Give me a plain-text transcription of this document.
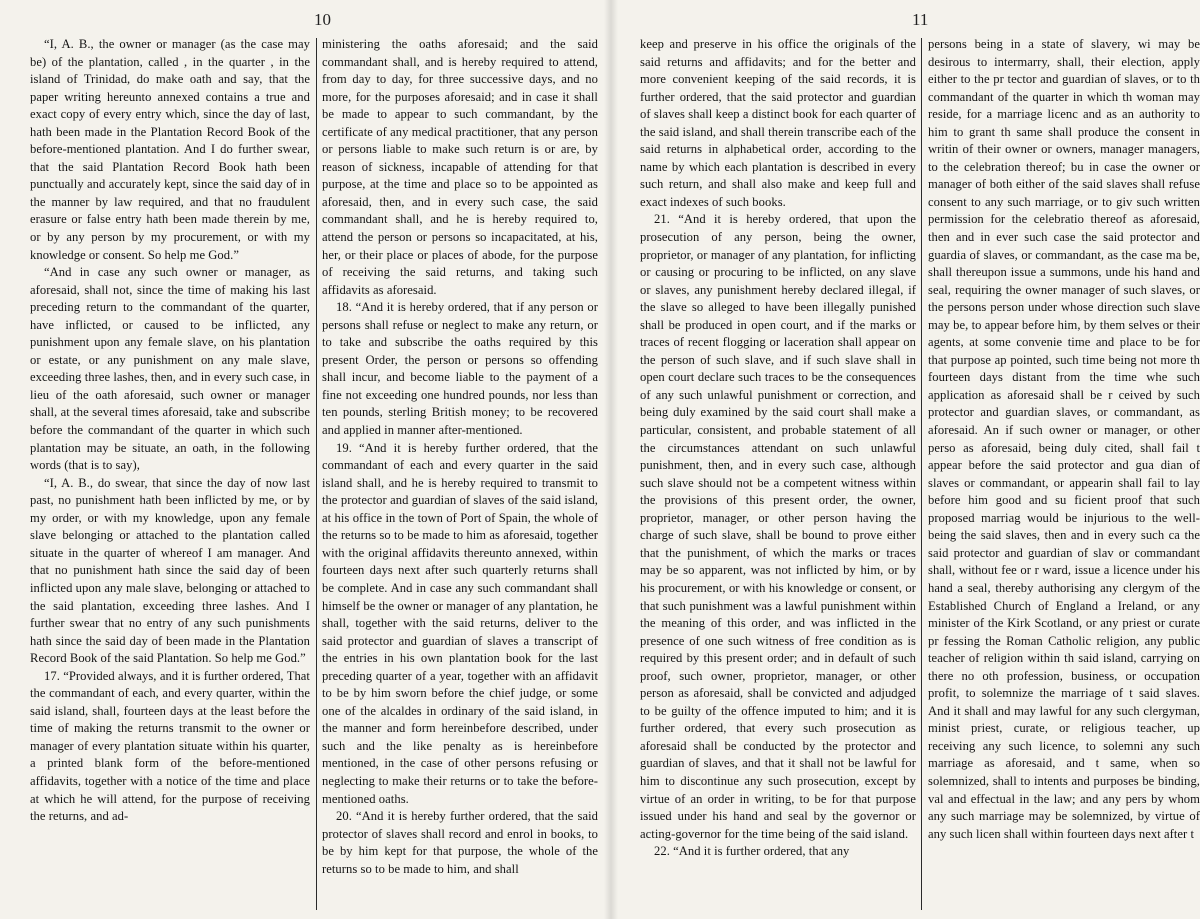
10

“I, A. B., the owner or manager (as the case may be) of the plantation, called , in the quarter , in the island of Trinidad, do make oath and say, that the paper writing hereunto annexed contains a true and exact copy of every entry which, since the day of last, hath been made in the Plantation Record Book of the before-mentioned plantation. And I do further swear, that the said Plantation Record Book hath been punctually and accurately kept, since the said day of in the manner by law required, and that no fraudulent erasure or false entry hath been made therein by me, or by any person by my procurement, or with my knowledge or consent. So help me God.”

“And in case any such owner or manager, as aforesaid, shall not, since the time of making his last preceding return to the commandant of the quarter, have inflicted, or caused to be inflicted, any punishment upon any female slave, on his plantation or estate, or any punishment on any male slave, exceeding three lashes, then, and in every such case, in lieu of the oath aforesaid, such owner or manager shall, at the several times aforesaid, take and subscribe before the commandant of the quarter in which such plantation may be situate, an oath, in the following words (that is to say),

“I, A. B., do swear, that since the day of now last past, no punishment hath been inflicted by me, or by my order, or with my knowledge, upon any female slave belonging or attached to the plantation called situate in the quarter of whereof I am manager. And that no punishment hath since the said day of been inflicted upon any male slave, belonging or attached to the said plantation, exceeding three lashes. And I further swear that no entry of any such punishments hath since the said day of been made in the Plantation Record Book of the said Plantation. So help me God.”

17. “Provided always, and it is further ordered, That the commandant of each, and every quarter, within the said island, shall, fourteen days at the least before the time of making the returns transmit to the owner or manager of every plantation situate within his quarter, a printed blank form of the before-mentioned affidavits, together with a notice of the time and place at which he will attend, for the purpose of receiving the returns, and ad-

ministering the oaths aforesaid; and the said commandant shall, and is hereby required to attend, from day to day, for three successive days, and no more, for the purposes aforesaid; and in case it shall be made to appear to such commandant, by the certificate of any medical practitioner, that any person or persons liable to make such return is or are, by reason of sickness, incapable of attending for that purpose, at the time and place so to be appointed as aforesaid, then, and in every such case, the said commandant shall, and he is hereby required to, attend the person or persons so incapacitated, at his, her, or their place or places of abode, for the purpose of receiving the said returns, and taking such affidavits as aforesaid.

18. “And it is hereby ordered, that if any person or persons shall refuse or neglect to make any return, or to take and subscribe the oaths required by this present Order, the person or persons so offending shall incur, and become liable to the payment of a fine not exceeding one hundred pounds, nor less than ten pounds, sterling British money; to be recovered and applied in manner after-mentioned.

19. “And it is hereby further ordered, that the commandant of each and every quarter in the said island shall, and he is hereby required to transmit to the protector and guardian of slaves of the said island, at his office in the town of Port of Spain, the whole of the returns so to be made to him as aforesaid, together with the original affidavits thereunto annexed, within fourteen days next after such quarterly returns shall be complete. And in case any such commandant shall himself be the owner or manager of any plantation, he shall, together with the said returns, deliver to the said protector and guardian of slaves a transcript of the entries in his own plantation book for the last preceding quarter of a year, together with an affidavit to be by him sworn before the chief judge, or some one of the alcaldes in ordinary of the said island, in the manner and form hereinbefore described, under such and the like penalty as is hereinbefore mentioned, in the case of other persons refusing or neglecting to make their returns or to take the before-mentioned oaths.

20. “And it is hereby further ordered, that the said protector of slaves shall record and enrol in books, to be by him kept for that purpose, the whole of the returns so to be made to him, and shall

11

keep and preserve in his office the originals of the said returns and affidavits; and for the better and more convenient keeping of the said records, it is further ordered, that the said protector and guardian of slaves shall keep a distinct book for each quarter of the said island, and shall therein transcribe each of the said returns in alphabetical order, according to the name by which each plantation is described in every such return, and shall also make and keep full and exact indexes of such books.

21. “And it is hereby ordered, that upon the prosecution of any person, being the owner, proprietor, or manager of any plantation, for inflicting or causing or procuring to be inflicted, on any slave or slaves, any punishment hereby declared illegal, if the slave so alleged to have been illegally punished shall be produced in open court, and if the marks or traces of recent flogging or laceration shall appear on the person of such slave, and if such slave shall in open court declare such traces to be the consequences of any such unlawful punishment or correction, and being duly examined by the said court shall make a particular, consistent, and probable statement of all the circumstances attendant on such unlawful punishment, then, and in every such case, although such slave should not be a competent witness within the provisions of this present order, the owner, proprietor, manager, or other person having the charge of such slave, shall be bound to prove either that the punishment, of which the marks or traces may be so apparent, was not inflicted by him, or by his procurement, or with his knowledge or consent, or that such punishment was a lawful punishment within the meaning of this order, and was inflicted in the presence of one such witness of free condition as is required by this present order; and in default of such proof, such owner, proprietor, manager, or other person as aforesaid, shall be convicted and adjudged to be guilty of the offence imputed to him; and it is further ordered, that every such prosecution as aforesaid shall be conducted by the protector and guardian of slaves, and that it shall not be lawful for him to discontinue any such prosecution, except by virtue of an order in writing, to be for that purpose issued under his hand and seal by the governor or acting-governor for the time being of the said island.

22. “And it is further ordered, that any

persons being in a state of slavery, wi may be desirous to intermarry, shall, their election, apply either to the pr tector and guardian of slaves, or to th commandant of the quarter in which th woman may reside, for a marriage licenc and as an authority to him to grant th same shall produce the consent in writin of their owner or owners, manager managers, to the celebration thereof; bu in case the owner or manager of both either of the said slaves shall refuse consent to any such marriage, or to giv such written permission for the celebratio thereof as aforesaid, then and in ever such case the said protector and guardia of slaves, or commandant, as the case ma be, shall thereupon issue a summons, unde his hand and seal, requiring the owner manager of such slaves, or the persons person under whose direction such slave may be, to appear before him, by them selves or their agents, at some convenie time and place to be for that purpose ap pointed, such time being not more th fourteen days distant from the time whe such application as aforesaid shall be r ceived by such protector and guardian slaves, or commandant, as aforesaid. An if such owner or manager, or other perso as aforesaid, being duly cited, shall fail t appear before the said protector and gua dian of slaves or commandant, or appearin shall fail to lay before him good and su ficient proof that such proposed marriag would be injurious to the well-being the said slaves, then and in every such ca the said protector and guardian of slav or commandant shall, without fee or r ward, issue a licence under his hand a seal, thereby authorising any clergym of the Established Church of England a Ireland, or any minister of the Kirk Scotland, or any priest or curate pr fessing the Roman Catholic religion, any public teacher of religion within th said island, carrying on there no oth profession, business, or occupation profit, to solemnize the marriage of t said slaves. And it shall and may lawful for any such clergyman, minist priest, curate, or religious teacher, up receiving any such licence, to solemni any such marriage as aforesaid, and t same, when so solemnized, shall to intents and purposes be binding, val and effectual in the law; and any pers by whom any such marriage may be solemnized, by virtue of any such licen shall within fourteen days next after t
